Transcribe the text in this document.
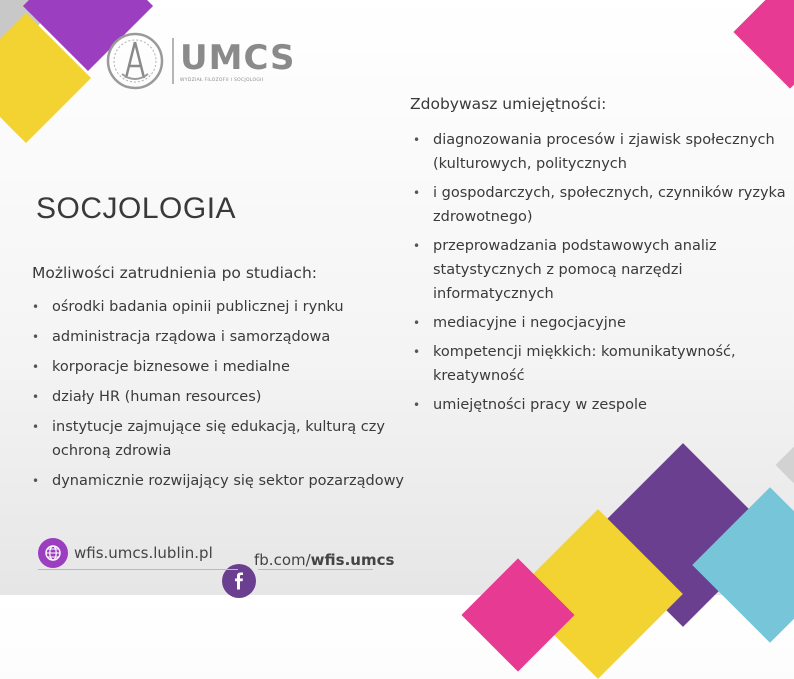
UMCS
WYDZIAŁ FILOZOFII I SOCJOLOGII
Zdobywasz umiejętności:
• diagnozowania procesów i zjawisk społecznych (kulturowych, politycznych
• i gospodarczych, społecznych, czynników ryzyka zdrowotnego)
• przeprowadzania podstawowych analiz statystycznych z pomocą narzędzi informatycznych
• mediacyjne i negocjacyjne
• kompetencji miękkich: komunikatywność, kreatywność
• umiejętności pracy w zespole
SOCJOLOGIA
Możliwości zatrudnienia po studiach:
• ośrodki badania opinii publicznej i rynku
• administracja rządowa i samorządowa
• korporacje biznesowe i medialne
• działy HR (human resources)
• instytucje zajmujące się edukacją, kulturą czy ochroną zdrowia
• dynamicznie rozwijający się sektor pozarządowy
wfis.umcs.lublin.pl	fb.com/wfis.umcs
